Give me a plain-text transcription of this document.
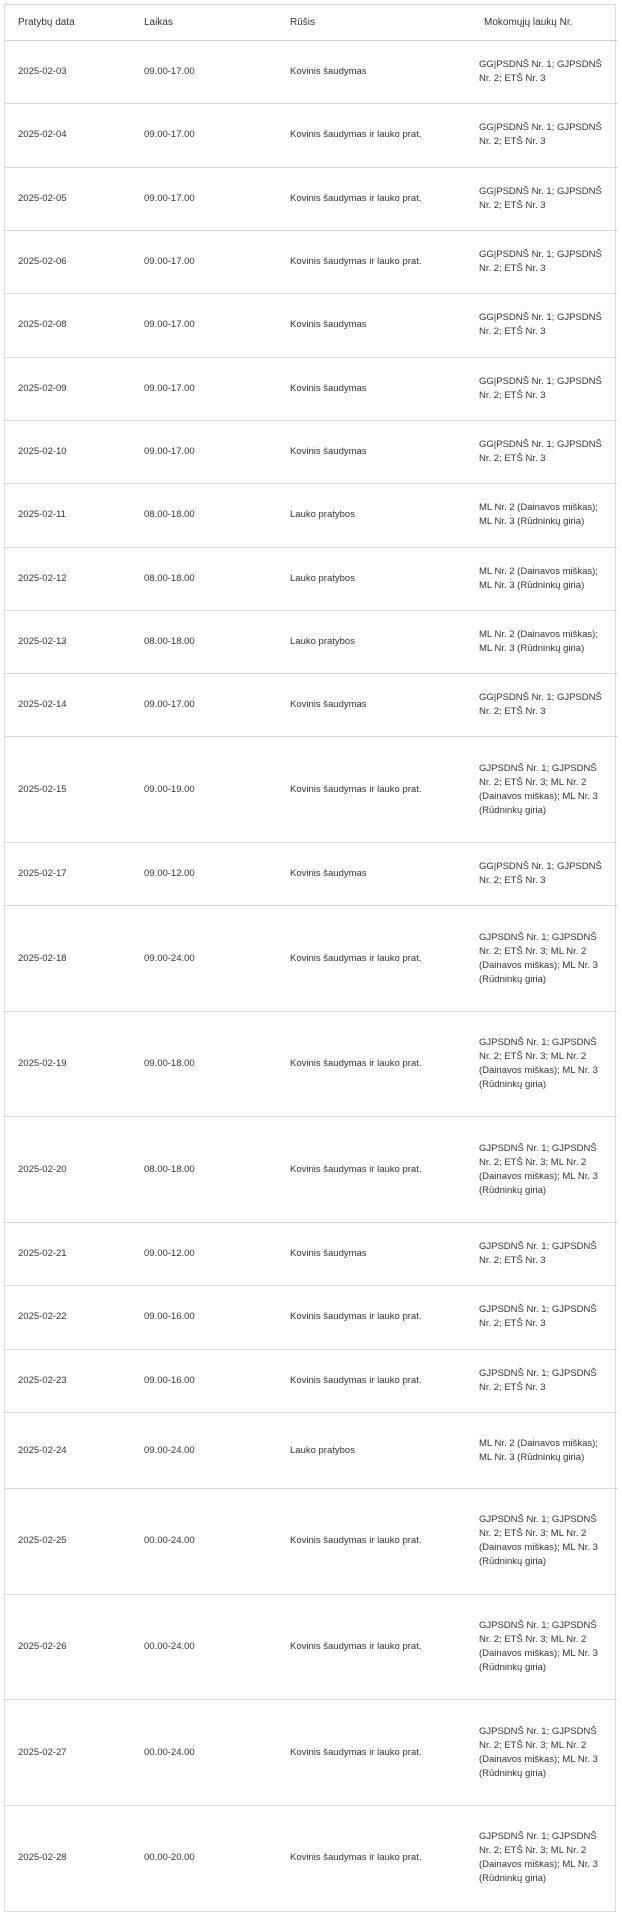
Pratybų data	Laikas	Rūšis	Mokomųjų laukų Nr.
2025-02-03	09.00-17.00	Kovinis šaudymas	GG|PSDNŠ Nr. 1; GJPSDNŠ Nr. 2; ETŠ Nr. 3
2025-02-04	09.00-17.00	Kovinis šaudymas ir lauko prat.	GG|PSDNŠ Nr. 1; GJPSDNŠ Nr. 2; ETŠ Nr. 3
2025-02-05	09.00-17.00	Kovinis šaudymas ir lauko prat.	GG|PSDNŠ Nr. 1; GJPSDNŠ Nr. 2; ETŠ Nr. 3
2025-02-06	09.00-17.00	Kovinis šaudymas ir lauko prat.	GG|PSDNŠ Nr. 1; GJPSDNŠ Nr. 2; ETŠ Nr. 3
2025-02-08	09.00-17.00	Kovinis šaudymas	GG|PSDNŠ Nr. 1; GJPSDNŠ Nr. 2; ETŠ Nr. 3
2025-02-09	09.00-17.00	Kovinis šaudymas	GG|PSDNŠ Nr. 1; GJPSDNŠ Nr. 2; ETŠ Nr. 3
2025-02-10	09.00-17.00	Kovinis šaudymas	GG|PSDNŠ Nr. 1; GJPSDNŠ Nr. 2; ETŠ Nr. 3
2025-02-11	08.00-18.00	Lauko pratybos	ML Nr. 2 (Dainavos miškas); ML Nr. 3 (Rūdninkų giria)
2025-02-12	08.00-18.00	Lauko pratybos	ML Nr. 2 (Dainavos miškas); ML Nr. 3 (Rūdninkų giria)
2025-02-13	08.00-18.00	Lauko pratybos	ML Nr. 2 (Dainavos miškas); ML Nr. 3 (Rūdninkų giria)
2025-02-14	09.00-17.00	Kovinis šaudymas	GG|PSDNŠ Nr. 1; GJPSDNŠ Nr. 2; ETŠ Nr. 3
2025-02-15	09.00-19.00	Kovinis šaudymas ir lauko prat.	GJPSDNŠ Nr. 1; GJPSDNŠ Nr. 2; ETŠ Nr. 3; ML Nr. 2 (Dainavos miškas); ML Nr. 3 (Rūdninkų giria)
2025-02-17	09.00-12.00	Kovinis šaudymas	GG|PSDNŠ Nr. 1; GJPSDNŠ Nr. 2; ETŠ Nr. 3
2025-02-18	09.00-24.00	Kovinis šaudymas ir lauko prat.	GJPSDNŠ Nr. 1; GJPSDNŠ Nr. 2; ETŠ Nr. 3; ML Nr. 2 (Dainavos miškas); ML Nr. 3 (Rūdninkų giria)
2025-02-19	09.00-18.00	Kovinis šaudymas ir lauko prat.	GJPSDNŠ Nr. 1; GJPSDNŠ Nr. 2; ETŠ Nr. 3; ML Nr. 2 (Dainavos miškas); ML Nr. 3 (Rūdninkų giria)
2025-02-20	08.00-18.00	Kovinis šaudymas ir lauko prat.	GJPSDNŠ Nr. 1; GJPSDNŠ Nr. 2; ETŠ Nr. 3; ML Nr. 2 (Dainavos miškas); ML Nr. 3 (Rūdninkų giria)
2025-02-21	09.00-12.00	Kovinis šaudymas	GJPSDNŠ Nr. 1; GJPSDNŠ Nr. 2; ETŠ Nr. 3
2025-02-22	09.00-16.00	Kovinis šaudymas ir lauko prat.	GJPSDNŠ Nr. 1; GJPSDNŠ Nr. 2; ETŠ Nr. 3
2025-02-23	09.00-16.00	Kovinis šaudymas ir lauko prat.	GJPSDNŠ Nr. 1; GJPSDNŠ Nr. 2; ETŠ Nr. 3
2025-02-24	09.00-24.00	Lauko pratybos	ML Nr. 2 (Dainavos miškas); ML Nr. 3 (Rūdninkų giria)
2025-02-25	00.00-24.00	Kovinis šaudymas ir lauko prat.	GJPSDNŠ Nr. 1; GJPSDNŠ Nr. 2; ETŠ Nr. 3; ML Nr. 2 (Dainavos miškas); ML Nr. 3 (Rūdninkų giria)
2025-02-26	00.00-24.00	Kovinis šaudymas ir lauko prat.	GJPSDNŠ Nr. 1; GJPSDNŠ Nr. 2; ETŠ Nr. 3; ML Nr. 2 (Dainavos miškas); ML Nr. 3 (Rūdninkų giria)
2025-02-27	00.00-24.00	Kovinis šaudymas ir lauko prat.	GJPSDNŠ Nr. 1; GJPSDNŠ Nr. 2; ETŠ Nr. 3; ML Nr. 2 (Dainavos miškas); ML Nr. 3 (Rūdninkų giria)
2025-02-28	00.00-20.00	Kovinis šaudymas ir lauko prat.	GJPSDNŠ Nr. 1; GJPSDNŠ Nr. 2; ETŠ Nr. 3; ML Nr. 2 (Dainavos miškas); ML Nr. 3 (Rūdninkų giria)
